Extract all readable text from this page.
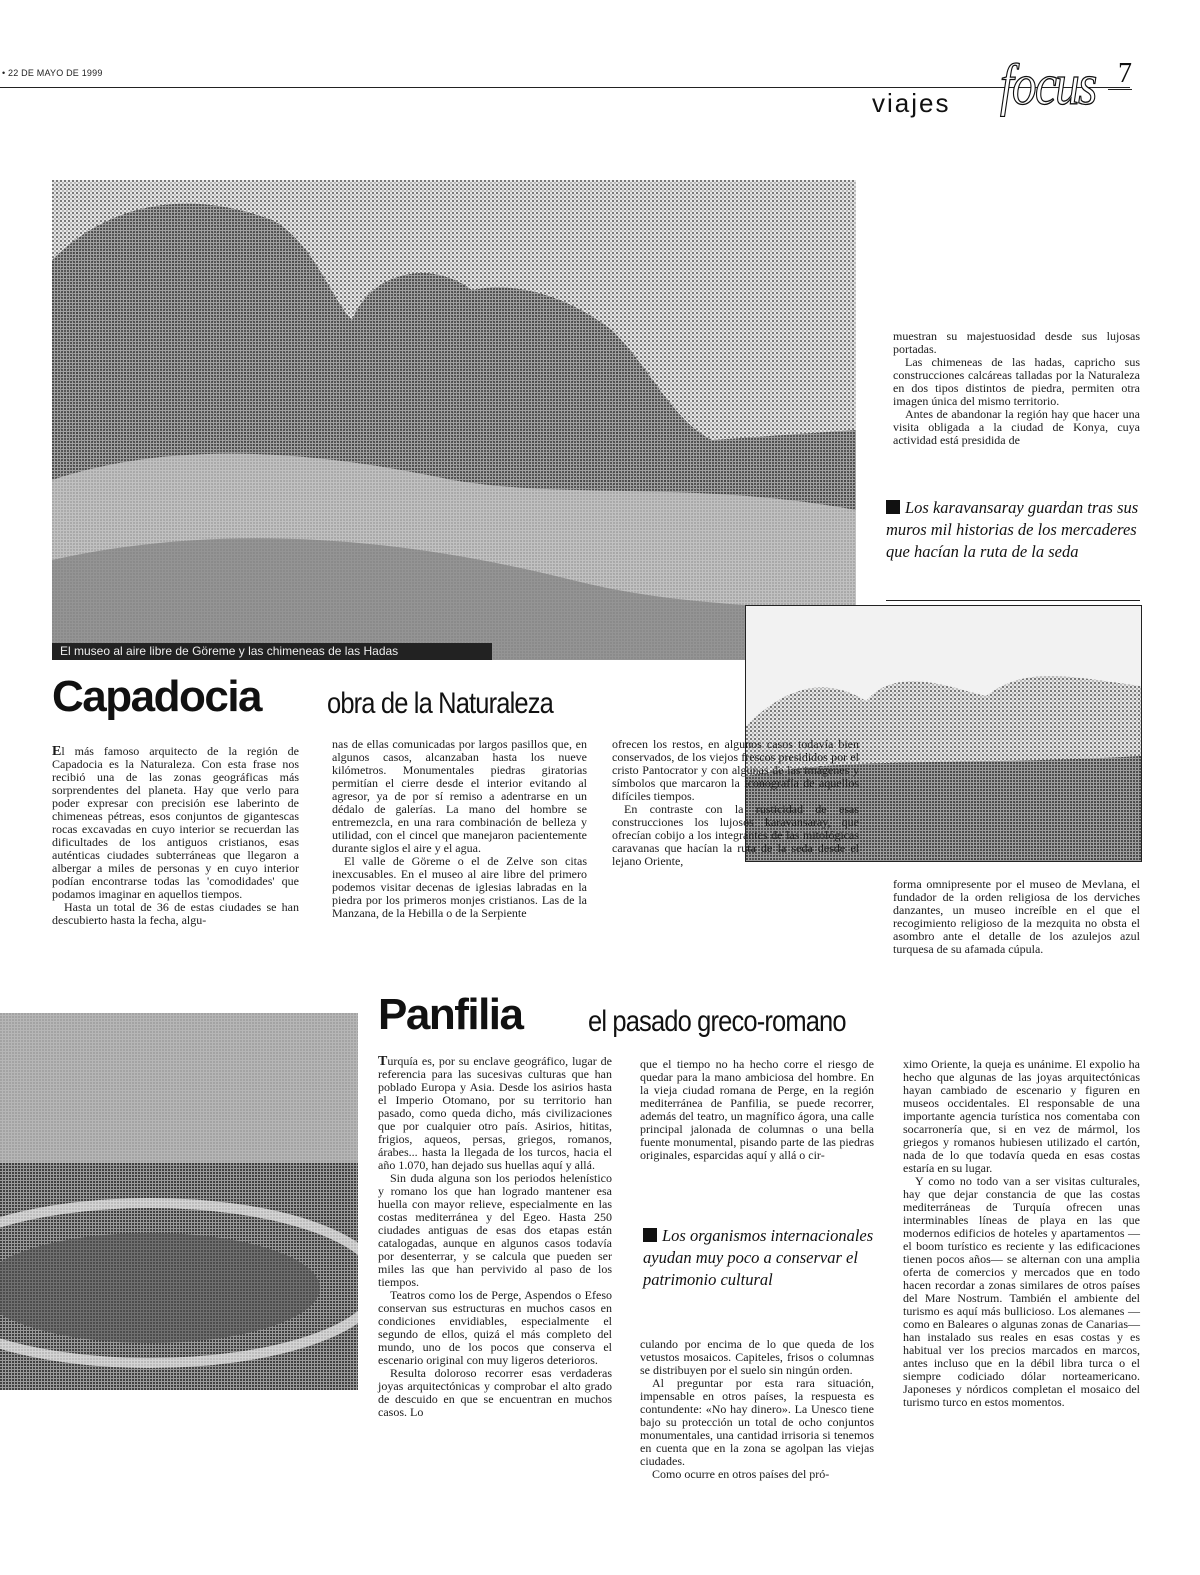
• 22 DE MAYO DE 1999
viajes focus 7
El museo al aire libre de Göreme y las chimeneas de las Hadas

muestran su majestuosidad desde sus lujosas portadas.

Las chimeneas de las hadas, capricho sus construcciones calcáreas talladas por la Naturaleza en dos tipos distintos de piedra, permiten otra imagen única del mismo territorio.

Antes de abandonar la región hay que hacer una visita obligada a la ciudad de Konya, cuya actividad está presidida de

Los karavansaray guardan tras sus muros mil historias de los mercaderes que hacían la ruta de la seda
Capadocia obra de la Naturaleza

El más famoso arquitecto de la región de Capadocia es la Naturaleza. Con esta frase nos recibió una de las zonas geográficas más sorprendentes del planeta. Hay que verlo para poder expresar con precisión ese laberinto de chimeneas pétreas, esos conjuntos de gigantescas rocas excavadas en cuyo interior se recuerdan las dificultades de los antiguos cristianos, esas auténticas ciudades subterráneas que llegaron a albergar a miles de personas y en cuyo interior podían encontrarse todas las 'comodidades' que podamos imaginar en aquellos tiempos.

Hasta un total de 36 de estas ciudades se han descubierto hasta la fecha, algu-

nas de ellas comunicadas por largos pasillos que, en algunos casos, alcanzaban hasta los nueve kilómetros. Monumentales piedras giratorias permitían el cierre desde el interior evitando al agresor, ya de por sí remiso a adentrarse en un dédalo de galerías. La mano del hombre se entremezcla, en una rara combinación de belleza y utilidad, con el cincel que manejaron pacientemente durante siglos el aire y el agua.

El valle de Göreme o el de Zelve son citas inexcusables. En el museo al aire libre del primero podemos visitar decenas de iglesias labradas en la piedra por los primeros monjes cristianos. Las de la Manzana, de la Hebilla o de la Serpiente

ofrecen los restos, en algunos casos todavía bien conservados, de los viejos frescos presididos por el cristo Pantocrator y con algunas de las imágenes y símbolos que marcaron la iconografía de aquellos difíciles tiempos.

En contraste con la rusticidad de esas construcciones los lujosos karavansaray, que ofrecían cobijo a los integrantes de las mitológicas caravanas que hacían la ruta de la seda desde el lejano Oriente,

forma omnipresente por el museo de Mevlana, el fundador de la orden religiosa de los derviches danzantes, un museo increíble en el que el recogimiento religioso de la mezquita no obsta el asombro ante el detalle de los azulejos azul turquesa de su afamada cúpula.

Panfilia el pasado greco-romano

Turquía es, por su enclave geográfico, lugar de referencia para las sucesivas culturas que han poblado Europa y Asia. Desde los asirios hasta el Imperio Otomano, por su territorio han pasado, como queda dicho, más civilizaciones que por cualquier otro país. Asirios, hititas, frigios, aqueos, persas, griegos, romanos, árabes... hasta la llegada de los turcos, hacia el año 1.070, han dejado sus huellas aquí y allá.

Sin duda alguna son los periodos helenístico y romano los que han logrado mantener esa huella con mayor relieve, especialmente en las costas mediterránea y del Egeo. Hasta 250 ciudades antiguas de esas dos etapas están catalogadas, aunque en algunos casos todavía por desenterrar, y se calcula que pueden ser miles las que han pervivido al paso de los tiempos.

Teatros como los de Perge, Aspendos o Efeso conservan sus estructuras en muchos casos en condiciones envidiables, especialmente el segundo de ellos, quizá el más completo del mundo, uno de los pocos que conserva el escenario original con muy ligeros deterioros.

Resulta doloroso recorrer esas verdaderas joyas arquitectónicas y comprobar el alto grado de descuido en que se encuentran en muchos casos. Lo

que el tiempo no ha hecho corre el riesgo de quedar para la mano ambiciosa del hombre. En la vieja ciudad romana de Perge, en la región mediterránea de Panfilia, se puede recorrer, además del teatro, un magnífico ágora, una calle principal jalonada de columnas o una bella fuente monumental, pisando parte de las piedras originales, esparcidas aquí y allá o cir-

Los organismos internacionales ayudan muy poco a conservar el patrimonio cultural

culando por encima de lo que queda de los vetustos mosaicos. Capiteles, frisos o columnas se distribuyen por el suelo sin ningún orden.

Al preguntar por esta rara situación, impensable en otros países, la respuesta es contundente: «No hay dinero». La Unesco tiene bajo su protección un total de ocho conjuntos monumentales, una cantidad irrisoria si tenemos en cuenta que en la zona se agolpan las viejas ciudades.

Como ocurre en otros países del pró-

ximo Oriente, la queja es unánime. El expolio ha hecho que algunas de las joyas arquitectónicas hayan cambiado de escenario y figuren en museos occidentales. El responsable de una importante agencia turística nos comentaba con socarronería que, si en vez de mármol, los griegos y romanos hubiesen utilizado el cartón, nada de lo que todavía queda en esas costas estaría en su lugar.

Y como no todo van a ser visitas culturales, hay que dejar constancia de que las costas mediterráneas de Turquía ofrecen unas interminables líneas de playa en las que modernos edificios de hoteles y apartamentos —el boom turístico es reciente y las edificaciones tienen pocos años— se alternan con una amplia oferta de comercios y mercados que en todo hacen recordar a zonas similares de otros países del Mare Nostrum. También el ambiente del turismo es aquí más bullicioso. Los alemanes —como en Baleares o algunas zonas de Canarias— han instalado sus reales en esas costas y es habitual ver los precios marcados en marcos, antes incluso que en la débil libra turca o el siempre codiciado dólar norteamericano. Japoneses y nórdicos completan el mosaico del turismo turco en estos momentos.
